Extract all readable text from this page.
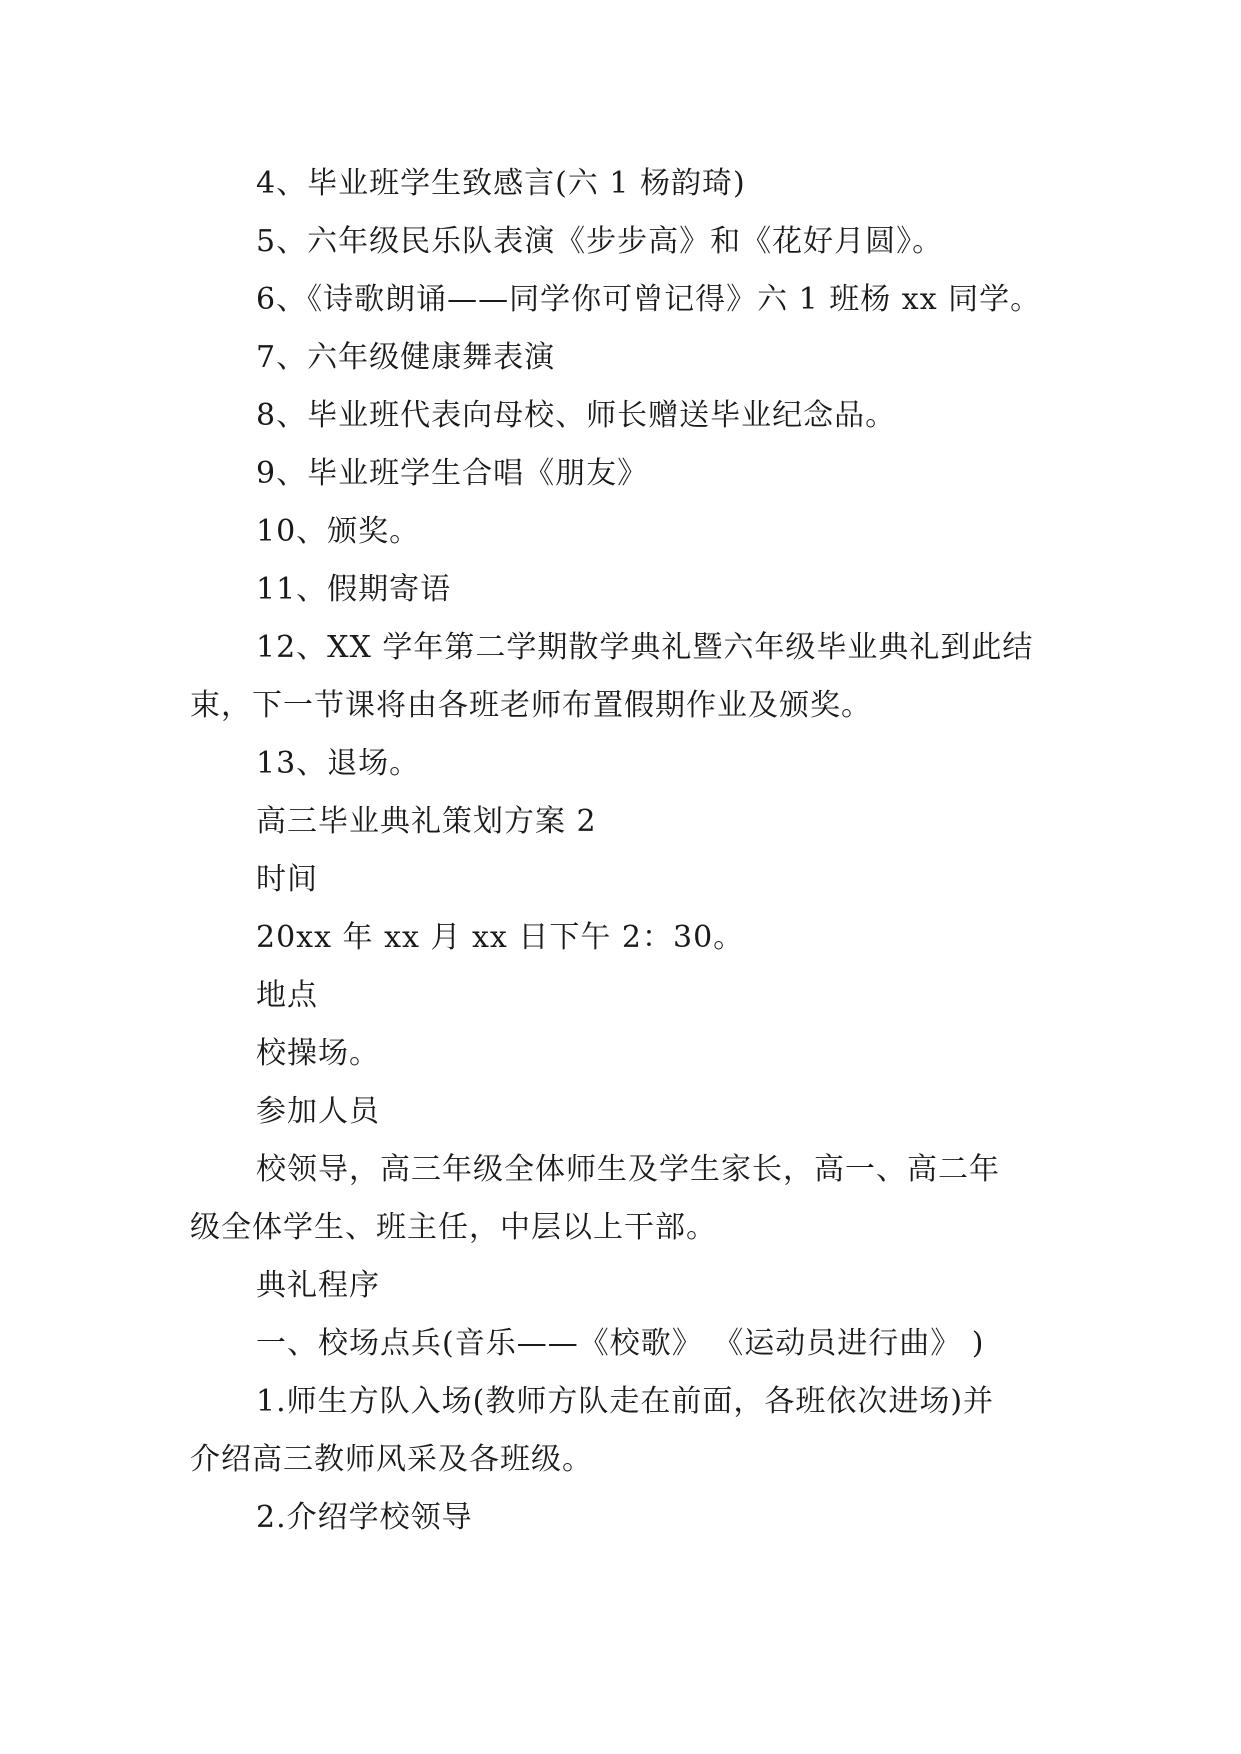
4、毕业班学生致感言(六 1 杨韵琦)
5、六年级民乐队表演《步步高》和《花好月圆》。
6、《诗歌朗诵——同学你可曾记得》六 1 班杨 xx 同学。
7、六年级健康舞表演
8、毕业班代表向母校、师长赠送毕业纪念品。
9、毕业班学生合唱《朋友》
10、颁奖。
11、假期寄语
12、XX 学年第二学期散学典礼暨六年级毕业典礼到此结
束，下一节课将由各班老师布置假期作业及颁奖。
13、退场。
高三毕业典礼策划方案 2
时间
20xx 年 xx 月 xx 日下午 2：30。
地点
校操场。
参加人员
校领导，高三年级全体师生及学生家长，高一、高二年
级全体学生、班主任，中层以上干部。
典礼程序
一、校场点兵(音乐——《校歌》 《运动员进行曲》 )
1.师生方队入场(教师方队走在前面，各班依次进场)并
介绍高三教师风采及各班级。
2.介绍学校领导
